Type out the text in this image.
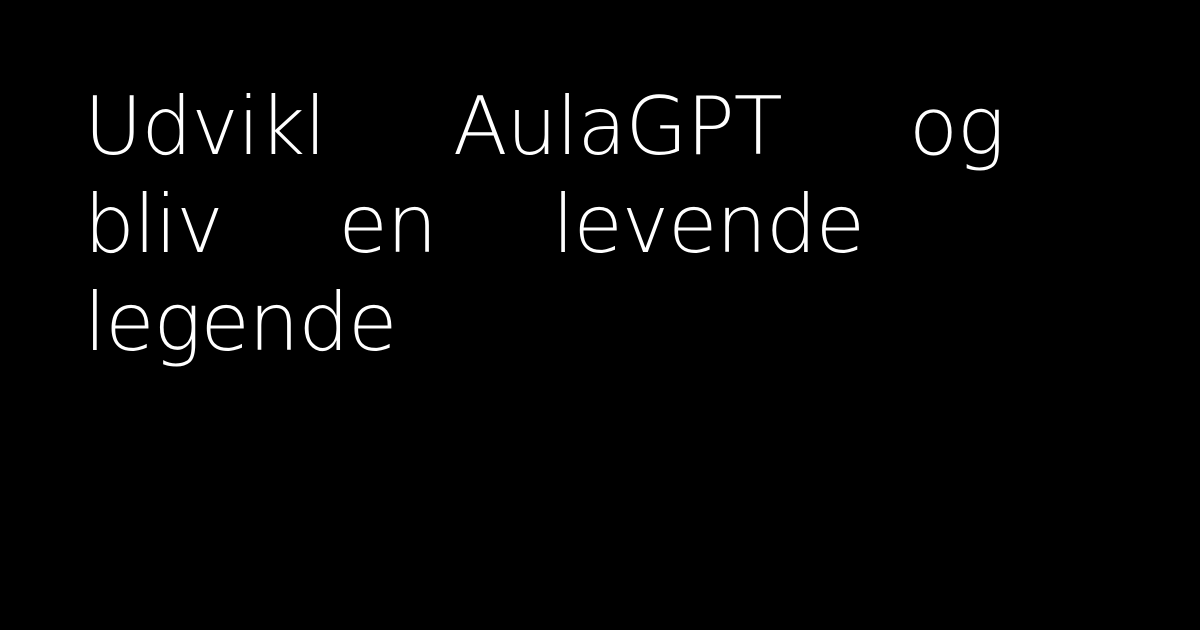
Udvikl AulaGPT og
bliv en levende
legende
